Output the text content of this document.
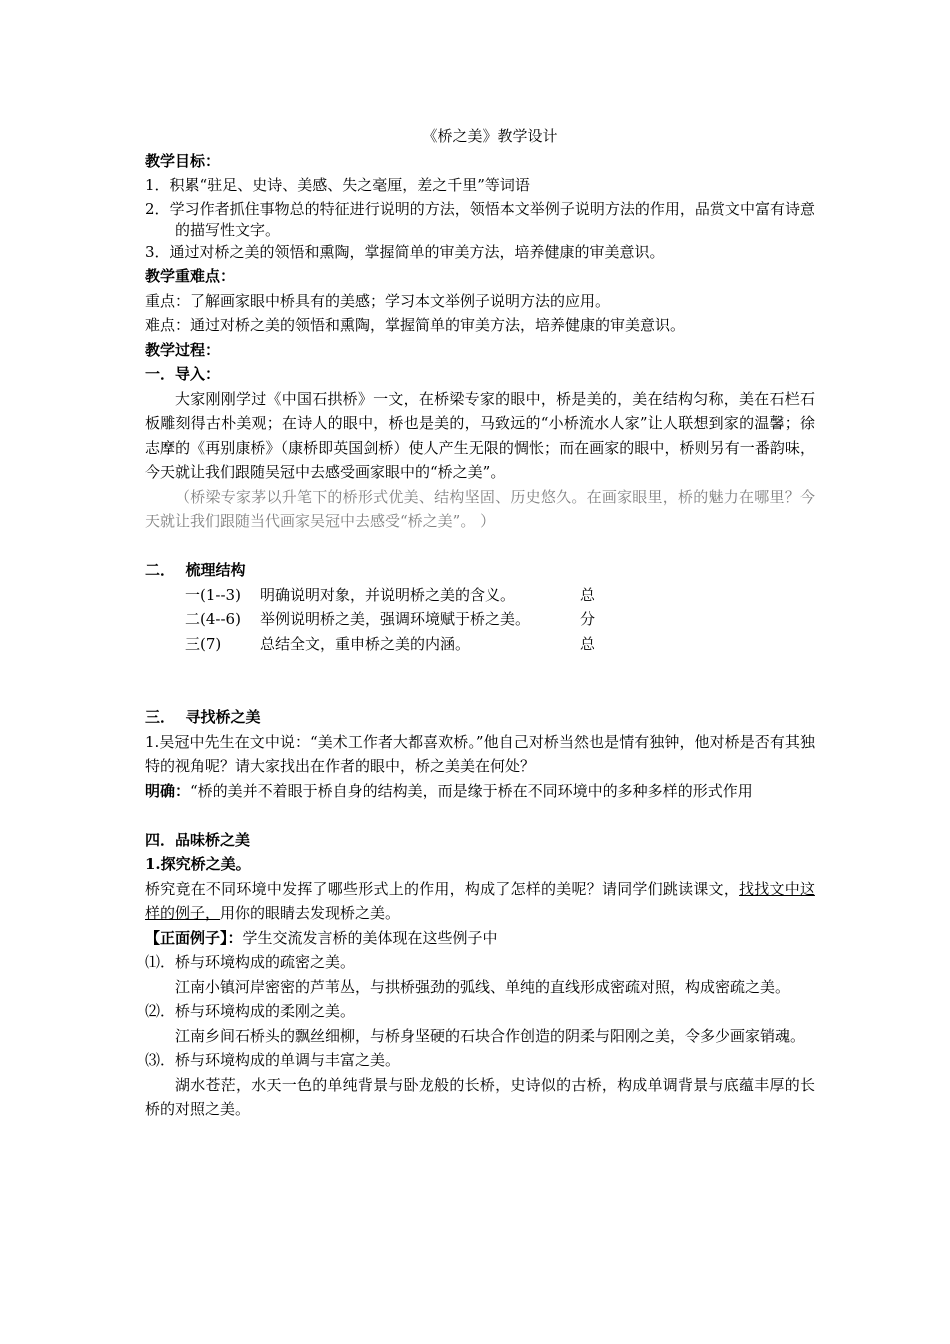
《桥之美》教学设计
教学目标：
1．积累“驻足、史诗、美感、失之毫厘，差之千里”等词语
2．学习作者抓住事物总的特征进行说明的方法，领悟本文举例子说明方法的作用，品赏文中富有诗意的描写性文字。
3．通过对桥之美的领悟和熏陶，掌握简单的审美方法，培养健康的审美意识。
教学重难点：
重点：了解画家眼中桥具有的美感；学习本文举例子说明方法的应用。
难点：通过对桥之美的领悟和熏陶，掌握简单的审美方法，培养健康的审美意识。
教学过程：
一．导入：
大家刚刚学过《中国石拱桥》一文，在桥梁专家的眼中，桥是美的，美在结构匀称，美在石栏石板雕刻得古朴美观；在诗人的眼中，桥也是美的，马致远的“小桥流水人家”让人联想到家的温馨；徐志摩的《再别康桥》（康桥即英国剑桥）使人产生无限的惆怅；而在画家的眼中，桥则另有一番韵味，今天就让我们跟随吴冠中去感受画家眼中的“桥之美”。
（桥梁专家茅以升笔下的桥形式优美、结构坚固、历史悠久。在画家眼里，桥的魅力在哪里？今天就让我们跟随当代画家吴冠中去感受“桥之美”。 ）
二．  梳理结构
一(1--3)	明确说明对象，并说明桥之美的含义。	总
二(4--6)	举例说明桥之美，强调环境赋于桥之美。	分
三(7)	总结全文，重申桥之美的内涵。	总
三．  寻找桥之美
1.吴冠中先生在文中说：“美术工作者大都喜欢桥。”他自己对桥当然也是情有独钟，他对桥是否有其独特的视角呢？请大家找出在作者的眼中，桥之美美在何处？
明确：“桥的美并不着眼于桥自身的结构美，而是缘于桥在不同环境中的多种多样的形式作用
四．品味桥之美
1.探究桥之美。
桥究竟在不同环境中发挥了哪些形式上的作用，构成了怎样的美呢？请同学们跳读课文，找找文中这样的例子，用你的眼睛去发现桥之美。
【正面例子】：学生交流发言桥的美体现在这些例子中
⑴．桥与环境构成的疏密之美。
江南小镇河岸密密的芦苇丛，与拱桥强劲的弧线、单纯的直线形成密疏对照，构成密疏之美。
⑵．桥与环境构成的柔刚之美。
江南乡间石桥头的飘丝细柳，与桥身坚硬的石块合作创造的阴柔与阳刚之美，令多少画家销魂。
⑶．桥与环境构成的单调与丰富之美。
湖水苍茫，水天一色的单纯背景与卧龙般的长桥，史诗似的古桥，构成单调背景与底蕴丰厚的长桥的对照之美。
